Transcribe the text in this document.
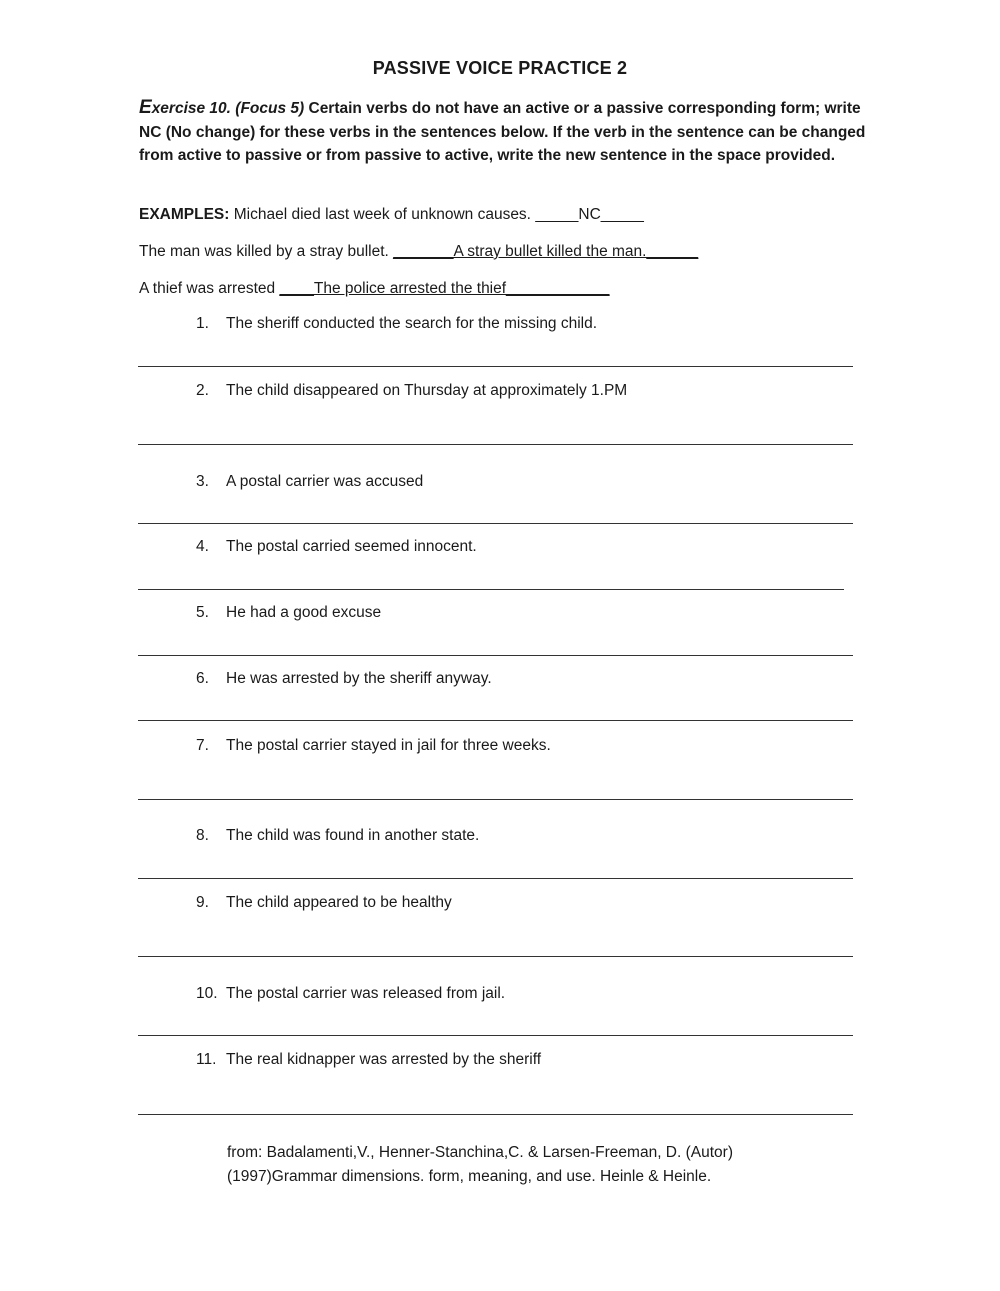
PASSIVE VOICE PRACTICE 2
Exercise 10. (Focus 5) Certain verbs do not have an active or a passive corresponding form; write NC (No change) for these verbs in the sentences below. If the verb in the sentence can be changed from active to passive or from passive to active, write the new sentence in the space provided.
EXAMPLES: Michael died last week of unknown causes. _____NC_____
The man was killed by a stray bullet. _______A stray bullet killed the man.______
A thief was arrested ____The police arrested the thief____________
1. The sheriff conducted the search for the missing child.
2. The child disappeared on Thursday at approximately 1.PM
3. A postal carrier was accused
4. The postal carried seemed innocent.
5. He had a good excuse
6. He was arrested by the sheriff anyway.
7. The postal carrier stayed in jail for three weeks.
8. The child was found in another state.
9. The child appeared to be healthy
10. The postal carrier was released from jail.
11. The real kidnapper was arrested by the sheriff
from: Badalamenti,V., Henner-Stanchina,C. & Larsen-Freeman, D. (Autor)
(1997)Grammar dimensions. form, meaning, and use. Heinle & Heinle.
